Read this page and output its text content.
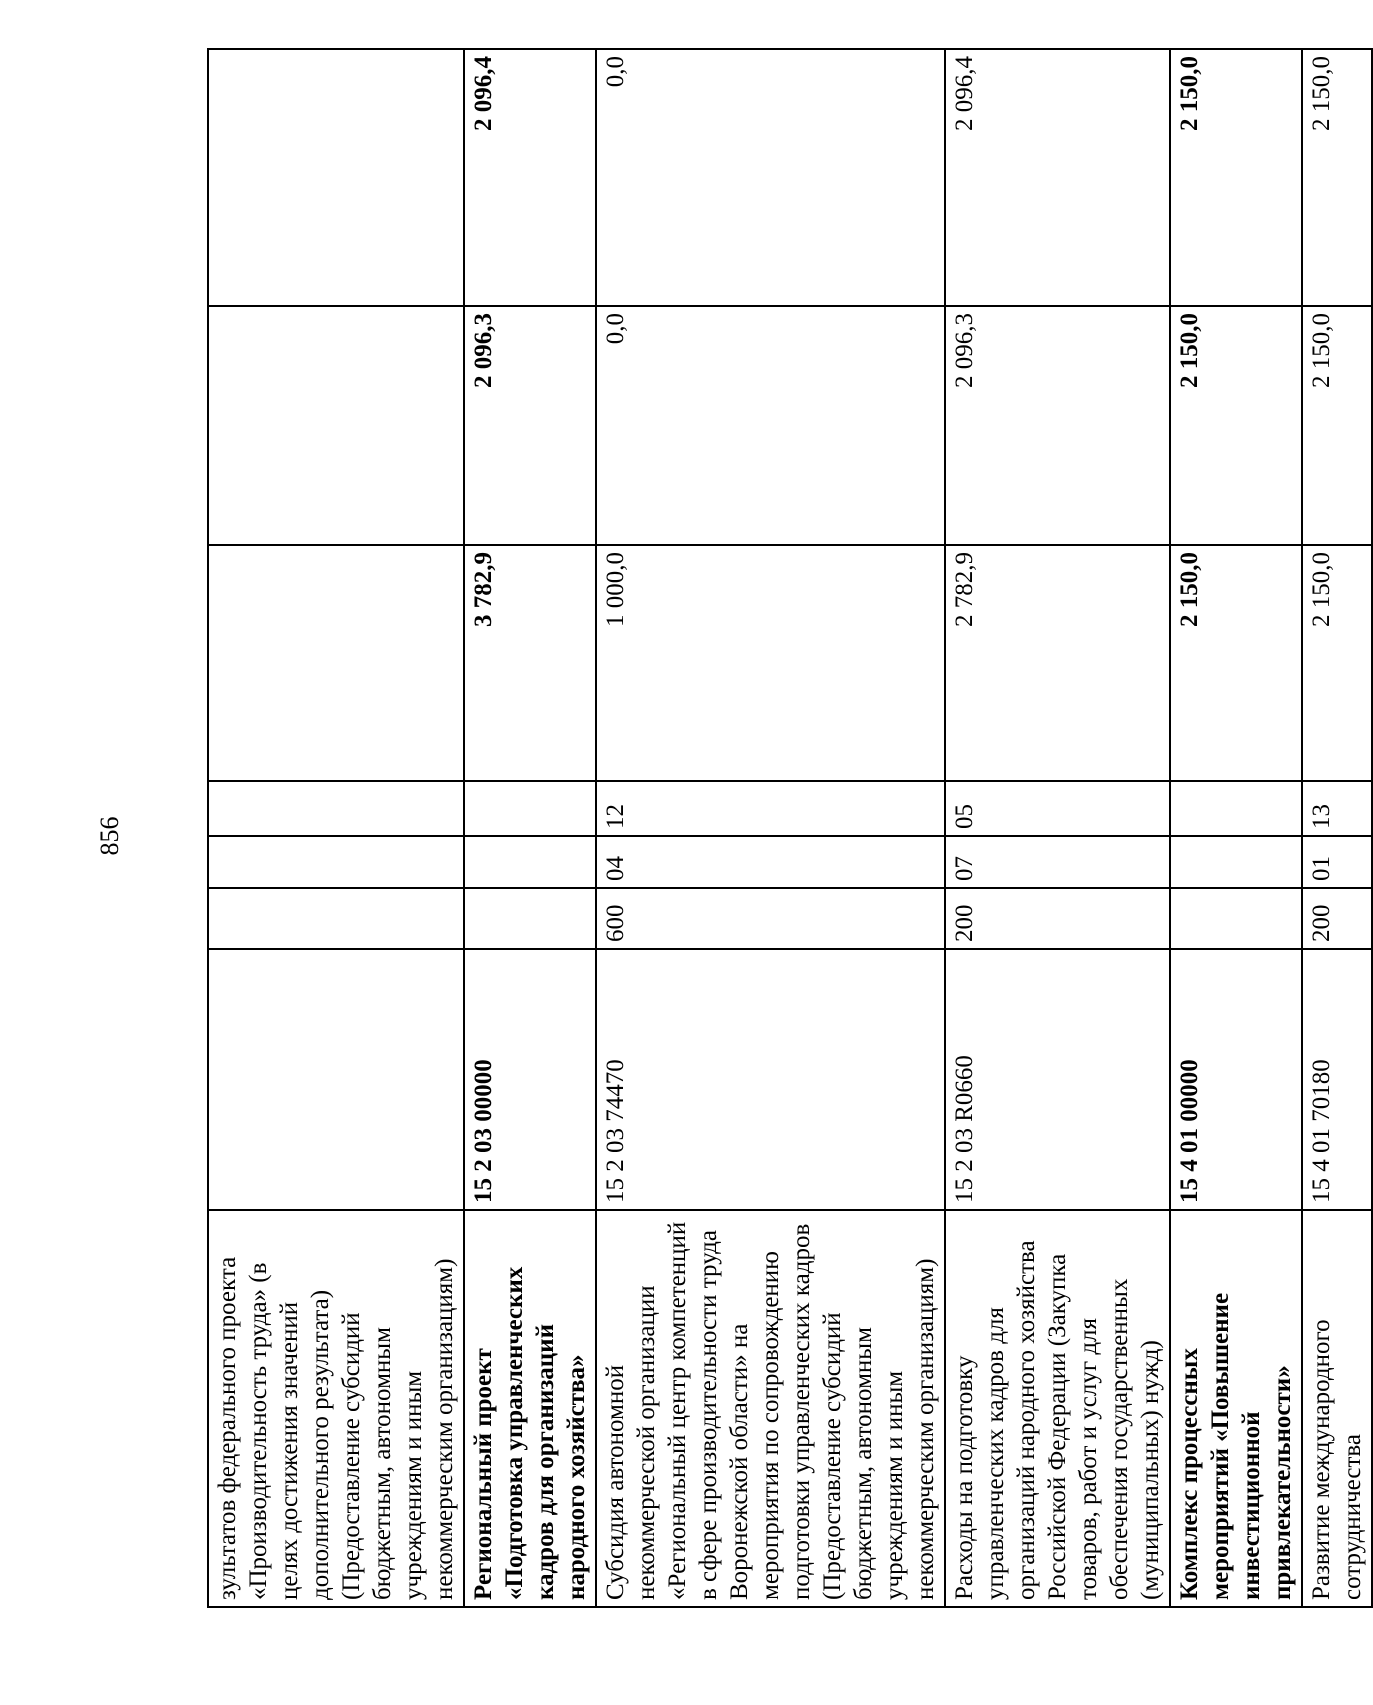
856
зультатов федерального проекта «Производительность труда» (в целях достижения значений дополнительного результата) (Предоставление субсидий бюджетным, автономным учреждениям и иным некоммерческим организациям)							
Региональный проект «Подготовка управленческих кадров для организаций народного хозяйства»	15 2 03 00000				3 782,9	2 096,3	2 096,4
Субсидия автономной некоммерческой организации «Региональный центр компетенций в сфере производительности труда Воронежской области» на мероприятия по сопровождению подготовки управленческих кадров (Предоставление субсидий бюджетным, автономным учреждениям и иным некоммерческим организациям)	15 2 03 74470	600	04	12	1 000,0	0,0	0,0
Расходы на подготовку управленческих кадров для организаций народного хозяйства Российской Федерации (Закупка товаров, работ и услуг для обеспечения государственных (муниципальных) нужд)	15 2 03 R0660	200	07	05	2 782,9	2 096,3	2 096,4
Комплекс процессных мероприятий «Повышение инвестиционной привлекательности»	15 4 01 00000				2 150,0	2 150,0	2 150,0
Развитие международного сотрудничества	15 4 01 70180	200	01	13	2 150,0	2 150,0	2 150,0
